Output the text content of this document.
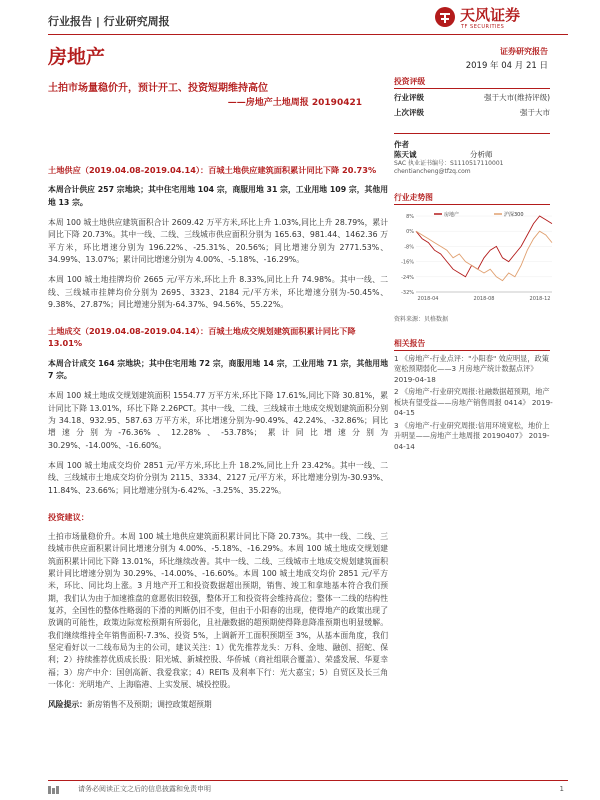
行业报告 | 行业研究周报	天风证券
TF SECURITIES
房地产	证券研究报告
2019 年 04 月 21 日
土拍市场量稳价升，预计开工、投资短期维持高位
——房地产土地周报 20190421
土地供应（2019.04.08-2019.04.14）：百城土地供应建筑面积累计同比下降 20.73%
本周合计供应 257 宗地块；其中住宅用地 104 宗，商服用地 31 宗，工业用地 109 宗，其他用地 13 宗。
本周 100 城土地供应建筑面积合计 2609.42 万平方米,环比上升 1.03%,同比上升 28.79%，累计同比下降 20.73%。其中一线、二线、三线城市供应面积分别为 165.63、981.44、1462.36 万平方米，环比增速分别为 196.22%、-25.31%、20.56%；同比增速分别为 2771.53%、34.99%、13.07%；累计同比增速分别为 4.00%、-5.18%、-16.29%。
本周 100 城土地挂牌均价 2665 元/平方米,环比上升 8.33%,同比上升 74.98%。其中一线、二线、三线城市挂牌均价分别为 2695、3323、2184 元/平方米，环比增速分别为-50.45%、9.38%、27.87%；同比增速分别为-64.37%、94.56%、55.22%。
土地成交（2019.04.08-2019.04.14）：百城土地成交规划建筑面积累计同比下降 13.01%
本周合计成交 164 宗地块；其中住宅用地 72 宗，商服用地 14 宗，工业用地 71 宗，其他用地 7 宗。
本周 100 城土地成交规划建筑面积 1554.77 万平方米,环比下降 17.61%,同比下降 30.81%，累计同比下降 13.01%，环比下降 2.26PCT。其中一线、二线、三线城市土地成交规划建筑面积分别为 34.18、932.95、587.63 万平方米，环比增速分别为-90.49%、42.24%、-32.86%；同比增速分别为-76.36%、12.28%、-53.78%；累计同比增速分别为 30.29%、-14.00%、-16.60%。
本周 100 城土地成交均价 2851 元/平方米,环比上升 18.2%,同比上升 23.42%。其中一线、二线、三线城市土地成交均价分别为 2115、3334、2127 元/平方米，环比增速分别为-30.93%、11.84%、23.66%；同比增速分别为-6.42%、-3.25%、35.22%。
投资建议：
土拍市场量稳价升。本周 100 城土地供应建筑面积累计同比下降 20.73%。其中一线、二线、三线城市供应面积累计同比增速分别为 4.00%、-5.18%、-16.29%。本周 100 城土地成交规划建筑面积累计同比下降 13.01%，环比继续改善。其中一线、二线、三线城市土地成交规划建筑面积累计同比增速分别为 30.29%、-14.00%、-16.60%。本周 100 城土地成交均价 2851 元/平方米，环比、同比均上涨。3 月地产开工和投资数据超出预期，销售、竣工和拿地基本符合我们预期，我们认为由于加速推盘的意愿依旧较强，整体开工和投资将会维持高位；整体一二线的结构性复苏，全国性的整体性略弱的下滑的判断仍旧不变，但由于小阳春的出现，使得地产的政策出现了放调的可能性，政策边际宽松预期有所弱化，且社融数据的超预期使得降息降准预期也明显缓解。我们继续维持全年销售面积-7.3%、投资 5%，上调新开工面积预期至 3%，从基本面角度，我们坚定看好以一二线布局为主的公司，建议关注：1）优先推荐龙头：万科、金地、融创、招蛇、保利；2）持续推荐优质成长股：阳光城、新城控股、华侨城（商社组联合覆盖）、荣盛发展、华夏幸福；3）房产中介：国创高新、我爱我家；4）REITs 及利率下行：光大嘉宝；5）自贸区及长三角一体化：光明地产、上海临港、上实发展、城投控股。
风险提示：新房销售不及预期；调控政策超预期
投资评级
行业评级	强于大市(维持评级)
上次评级	强于大市
作者
陈天诚	分析师
SAC 执业证书编号：S1110517110001
chentiancheng@tfzq.com
行业走势图
8%
0%
-8%
-16%
-24%
-32%
2018-04	2018-08	2018-12
房地产	沪深300
资料来源：贝格数据
相关报告
1 《房地产-行业点评："小阳春" 效应明显，政策宽松预期弱化——3 月房地产统计数据点评》 2019-04-18
2 《房地产-行业研究周报:社融数据超预期，地产板块有望受益——房地产销售周报 0414》 2019-04-15
3 《房地产-行业研究周报:信用环境宽松，地价上升明显——房地产土地周报 20190407》 2019-04-14
请务必阅读正文之后的信息披露和免责申明	1
